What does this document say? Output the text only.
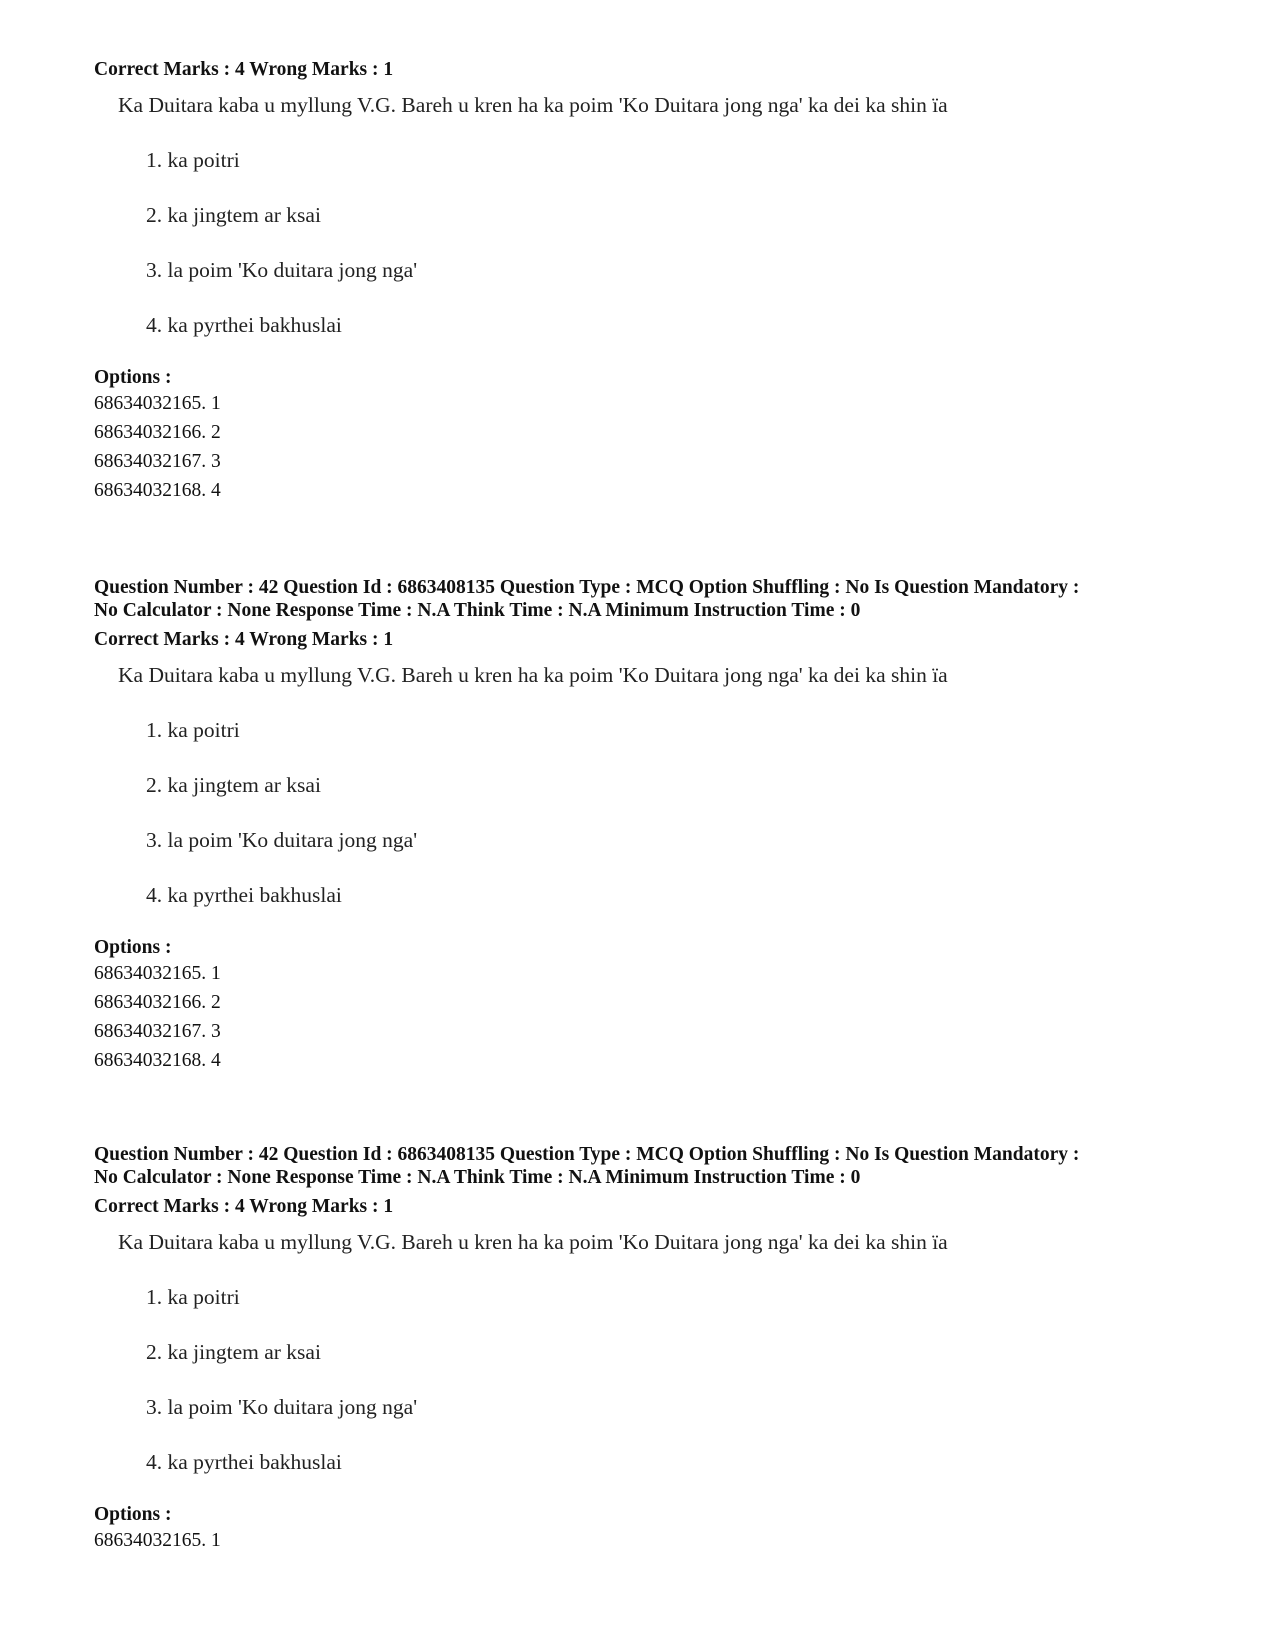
Correct Marks : 4 Wrong Marks : 1

Ka Duitara kaba u myllung V.G. Bareh u kren ha ka poim 'Ko Duitara jong nga' ka dei ka shin ïa
1. ka poitri
2. ka jingtem ar ksai
3. la poim 'Ko duitara jong nga'
4. ka pyrthei bakhuslai
Options :
68634032165. 1
68634032166. 2
68634032167. 3
68634032168. 4

Question Number : 42 Question Id : 6863408135 Question Type : MCQ Option Shuffling : No Is Question Mandatory :

No Calculator : None Response Time : N.A Think Time : N.A Minimum Instruction Time : 0

Correct Marks : 4 Wrong Marks : 1

Ka Duitara kaba u myllung V.G. Bareh u kren ha ka poim 'Ko Duitara jong nga' ka dei ka shin ïa
1. ka poitri
2. ka jingtem ar ksai
3. la poim 'Ko duitara jong nga'
4. ka pyrthei bakhuslai
Options :
68634032165. 1
68634032166. 2
68634032167. 3
68634032168. 4

Question Number : 42 Question Id : 6863408135 Question Type : MCQ Option Shuffling : No Is Question Mandatory :

No Calculator : None Response Time : N.A Think Time : N.A Minimum Instruction Time : 0

Correct Marks : 4 Wrong Marks : 1

Ka Duitara kaba u myllung V.G. Bareh u kren ha ka poim 'Ko Duitara jong nga' ka dei ka shin ïa
1. ka poitri
2. ka jingtem ar ksai
3. la poim 'Ko duitara jong nga'
4. ka pyrthei bakhuslai
Options :
68634032165. 1
